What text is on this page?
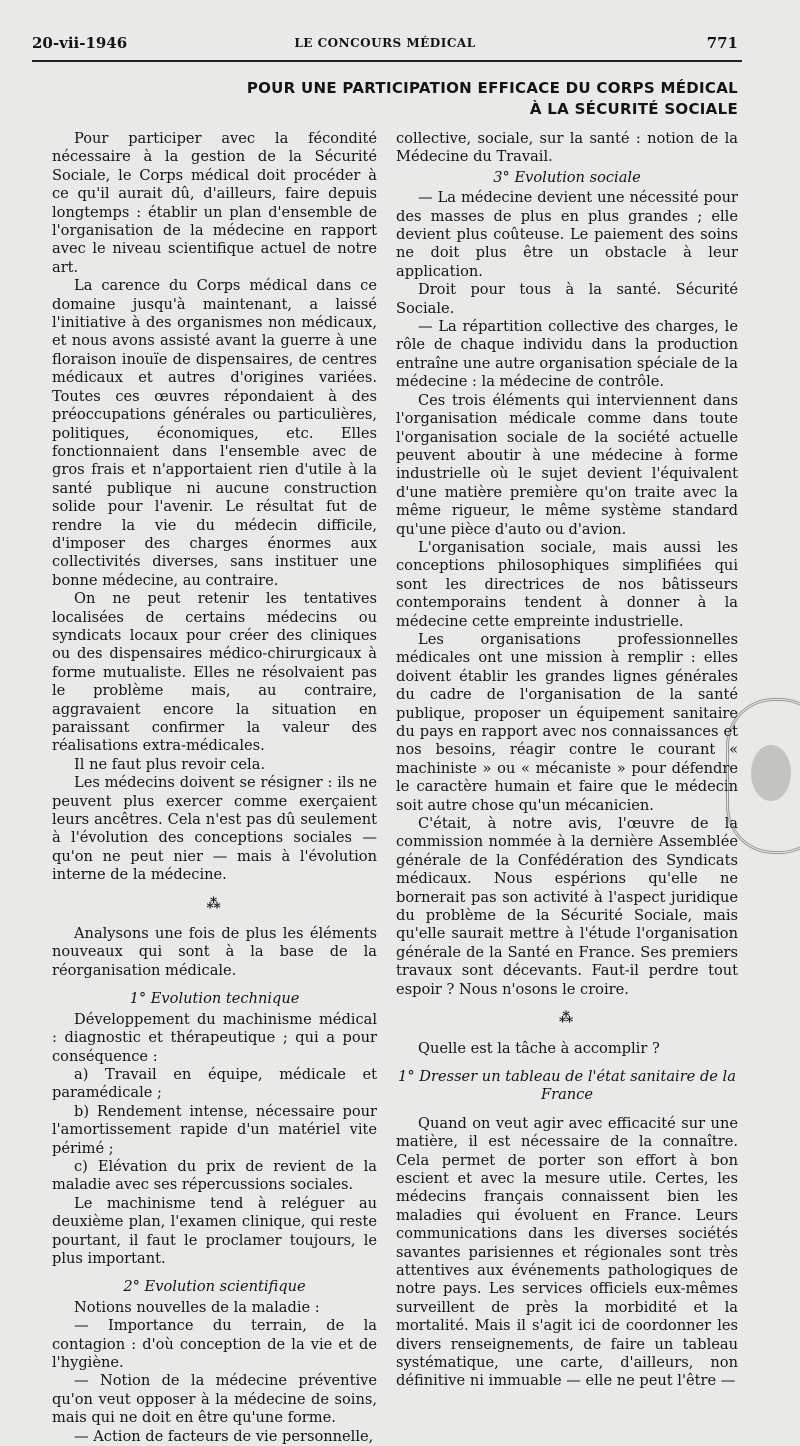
20-vii-1946	LE CONCOURS MÉDICAL	771
POUR UNE PARTICIPATION EFFICACE DU CORPS MÉDICAL
À LA SÉCURITÉ SOCIALE

Pour participer avec la fécondité nécessaire à la gestion de la Sécurité Sociale, le Corps médical doit procéder à ce qu'il aurait dû, d'ailleurs, faire depuis longtemps : établir un plan d'ensemble de l'organisation de la médecine en rapport avec le niveau scientifique actuel de notre art.

La carence du Corps médical dans ce domaine jusqu'à maintenant, a laissé l'initiative à des organismes non médicaux, et nous avons assisté avant la guerre à une floraison inouïe de dispensaires, de centres médicaux et autres d'origines variées. Toutes ces œuvres répondaient à des préoccupations générales ou particulières, politiques, économiques, etc. Elles fonctionnaient dans l'ensemble avec de gros frais et n'apportaient rien d'utile à la santé publique ni aucune construction solide pour l'avenir. Le résultat fut de rendre la vie du médecin difficile, d'imposer des charges énormes aux collectivités diverses, sans instituer une bonne médecine, au contraire.

On ne peut retenir les tentatives localisées de certains médecins ou syndicats locaux pour créer des cliniques ou des dispensaires médico-chirurgicaux à forme mutualiste. Elles ne résolvaient pas le problème mais, au contraire, aggravaient encore la situation en paraissant confirmer la valeur des réalisations extra-médicales.

Il ne faut plus revoir cela.

Les médecins doivent se résigner : ils ne peuvent plus exercer comme exerçaient leurs ancêtres. Cela n'est pas dû seulement à l'évolution des conceptions sociales — qu'on ne peut nier — mais à l'évolution interne de la médecine.

⁂

Analysons une fois de plus les éléments nouveaux qui sont à la base de la réorganisation médicale.

1° Evolution technique

Développement du machinisme médical : diagnostic et thérapeutique ; qui a pour conséquence :

a) Travail en équipe, médicale et paramédicale ;

b) Rendement intense, nécessaire pour l'amortissement rapide d'un matériel vite périmé ;

c) Elévation du prix de revient de la maladie avec ses répercussions sociales.

Le machinisme tend à reléguer au deuxième plan, l'examen clinique, qui reste pourtant, il faut le proclamer toujours, le plus important.

2° Evolution scientifique

Notions nouvelles de la maladie :

— Importance du terrain, de la contagion : d'où conception de la vie et de l'hygiène.

— Notion de la médecine préventive qu'on veut opposer à la médecine de soins, mais qui ne doit en être qu'une forme.

— Action de facteurs de vie personnelle,

collective, sociale, sur la santé : notion de la Médecine du Travail.

3° Evolution sociale

— La médecine devient une nécessité pour des masses de plus en plus grandes ; elle devient plus coûteuse. Le paiement des soins ne doit plus être un obstacle à leur application.

Droit pour tous à la santé. Sécurité Sociale.

— La répartition collective des charges, le rôle de chaque individu dans la production entraîne une autre organisation spéciale de la médecine : la médecine de contrôle.

Ces trois éléments qui interviennent dans l'organisation médicale comme dans toute l'organisation sociale de la société actuelle peuvent aboutir à une médecine à forme industrielle où le sujet devient l'équivalent d'une matière première qu'on traite avec la même rigueur, le même système standard qu'une pièce d'auto ou d'avion.

L'organisation sociale, mais aussi les conceptions philosophiques simplifiées qui sont les directrices de nos bâtisseurs contemporains tendent à donner à la médecine cette empreinte industrielle.

Les organisations professionnelles médicales ont une mission à remplir : elles doivent établir les grandes lignes générales du cadre de l'organisation de la santé publique, proposer un équipement sanitaire du pays en rapport avec nos connaissances et nos besoins, réagir contre le courant « machiniste » ou « mécaniste » pour défendre le caractère humain et faire que le médecin soit autre chose qu'un mécanicien.

C'était, à notre avis, l'œuvre de la commission nommée à la dernière Assemblée générale de la Confédération des Syndicats médicaux. Nous espérions qu'elle ne bornerait pas son activité à l'aspect juridique du problème de la Sécurité Sociale, mais qu'elle saurait mettre à l'étude l'organisation générale de la Santé en France. Ses premiers travaux sont décevants. Faut-il perdre tout espoir ? Nous n'osons le croire.

⁂

Quelle est la tâche à accomplir ?

1° Dresser un tableau de l'état sanitaire de la France

Quand on veut agir avec efficacité sur une matière, il est nécessaire de la connaître. Cela permet de porter son effort à bon escient et avec la mesure utile. Certes, les médecins français connaissent bien les maladies qui évoluent en France. Leurs communications dans les diverses sociétés savantes parisiennes et régionales sont très attentives aux événements pathologiques de notre pays. Les services officiels eux-mêmes surveillent de près la morbidité et la mortalité. Mais il s'agit ici de coordonner les divers renseignements, de faire un tableau systématique, une carte, d'ailleurs, non définitive ni immuable — elle ne peut l'être —
